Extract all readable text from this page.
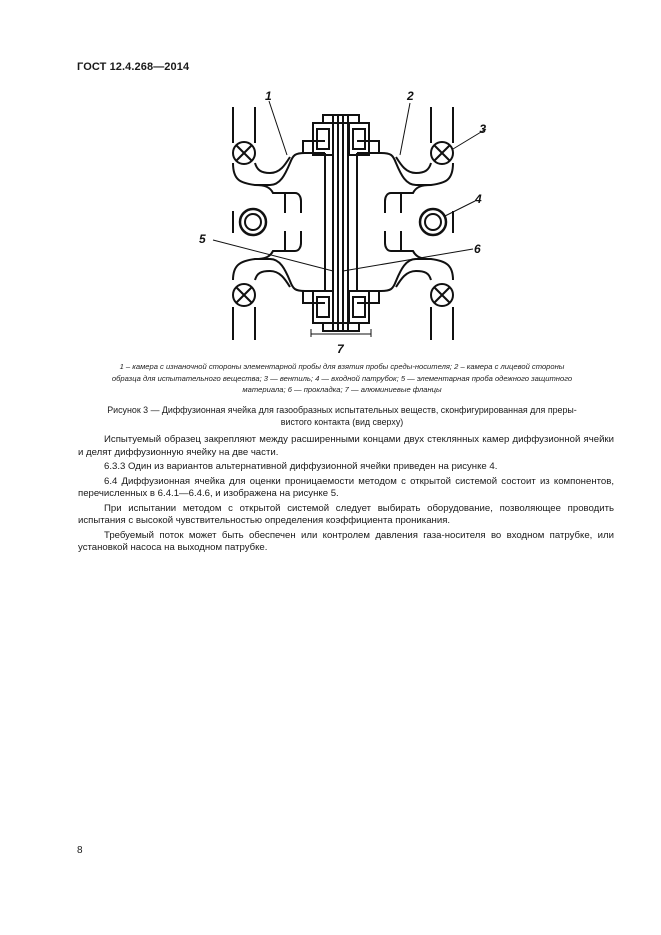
ГОСТ 12.4.268—2014
1	2
3
4
5
6
7
1 – камера с изнаночной стороны элементарной пробы для взятия пробы среды-носителя; 2 – камера с лицевой стороны
образца для испытательного вещества; 3 — вентиль; 4 — входной патрубок; 5 — элементарная проба одежного защитного
материала; 6 — прокладка; 7 — алюминиевые фланцы
Рисунок 3 — Диффузионная ячейка для газообразных испытательных веществ, сконфигурированная для преры-
вистого контакта (вид сверху)

Испытуемый образец закрепляют между расширенными концами двух стеклянных камер диффузионной ячейки и делят диффузионную ячейку на две части.

6.3.3 Один из вариантов альтернативной диффузионной ячейки приведен на рисунке 4.

6.4 Диффузионная ячейка для оценки проницаемости методом с открытой системой состоит из компонентов, перечисленных в 6.4.1—6.4.6, и изображена на рисунке 5.

При испытании методом с открытой системой следует выбирать оборудование, позволяющее проводить испытания с высокой чувствительностью определения коэффициента проникания.

Требуемый поток может быть обеспечен или контролем давления газа-носителя во входном патрубке, или установкой насоса на выходном патрубке.

8
